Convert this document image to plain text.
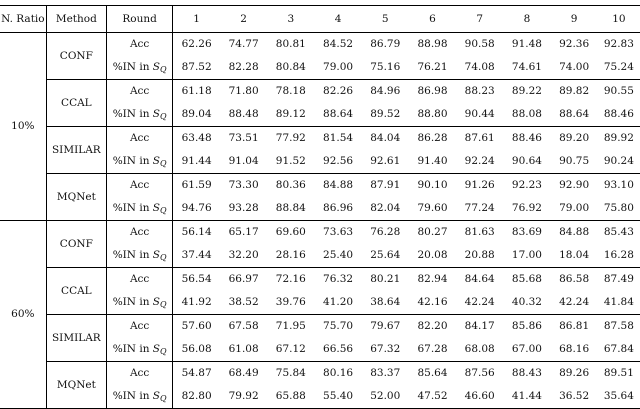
N. Ratio	Method	Round	1	2	3	4	5	6	7	8	9	10
10%	CONF	Acc	62.26	74.77	80.81	84.52	86.79	88.98	90.58	91.48	92.36	92.83
		%IN in $S_Q$	87.52	82.28	80.84	79.00	75.16	76.21	74.08	74.61	74.00	75.24
	CCAL	Acc	61.18	71.80	78.18	82.26	84.96	86.98	88.23	89.22	89.82	90.55
		%IN in $S_Q$	89.04	88.48	89.12	88.64	89.52	88.80	90.44	88.08	88.64	88.46
	SIMILAR	Acc	63.48	73.51	77.92	81.54	84.04	86.28	87.61	88.46	89.20	89.92
		%IN in $S_Q$	91.44	91.04	91.52	92.56	92.61	91.40	92.24	90.64	90.75	90.24
	MQNet	Acc	61.59	73.30	80.36	84.88	87.91	90.10	91.26	92.23	92.90	93.10
		%IN in $S_Q$	94.76	93.28	88.84	86.96	82.04	79.60	77.24	76.92	79.00	75.80
60%	CONF	Acc	56.14	65.17	69.60	73.63	76.28	80.27	81.63	83.69	84.88	85.43
		%IN in $S_Q$	37.44	32.20	28.16	25.40	25.64	20.08	20.88	17.00	18.04	16.28
	CCAL	Acc	56.54	66.97	72.16	76.32	80.21	82.94	84.64	85.68	86.58	87.49
		%IN in $S_Q$	41.92	38.52	39.76	41.20	38.64	42.16	42.24	40.32	42.24	41.84
	SIMILAR	Acc	57.60	67.58	71.95	75.70	79.67	82.20	84.17	85.86	86.81	87.58
		%IN in $S_Q$	56.08	61.08	67.12	66.56	67.32	67.28	68.08	67.00	68.16	67.84
	MQNet	Acc	54.87	68.49	75.84	80.16	83.37	85.64	87.56	88.43	89.26	89.51
		%IN in $S_Q$	82.80	79.92	65.88	55.40	52.00	47.52	46.60	41.44	36.52	35.64
